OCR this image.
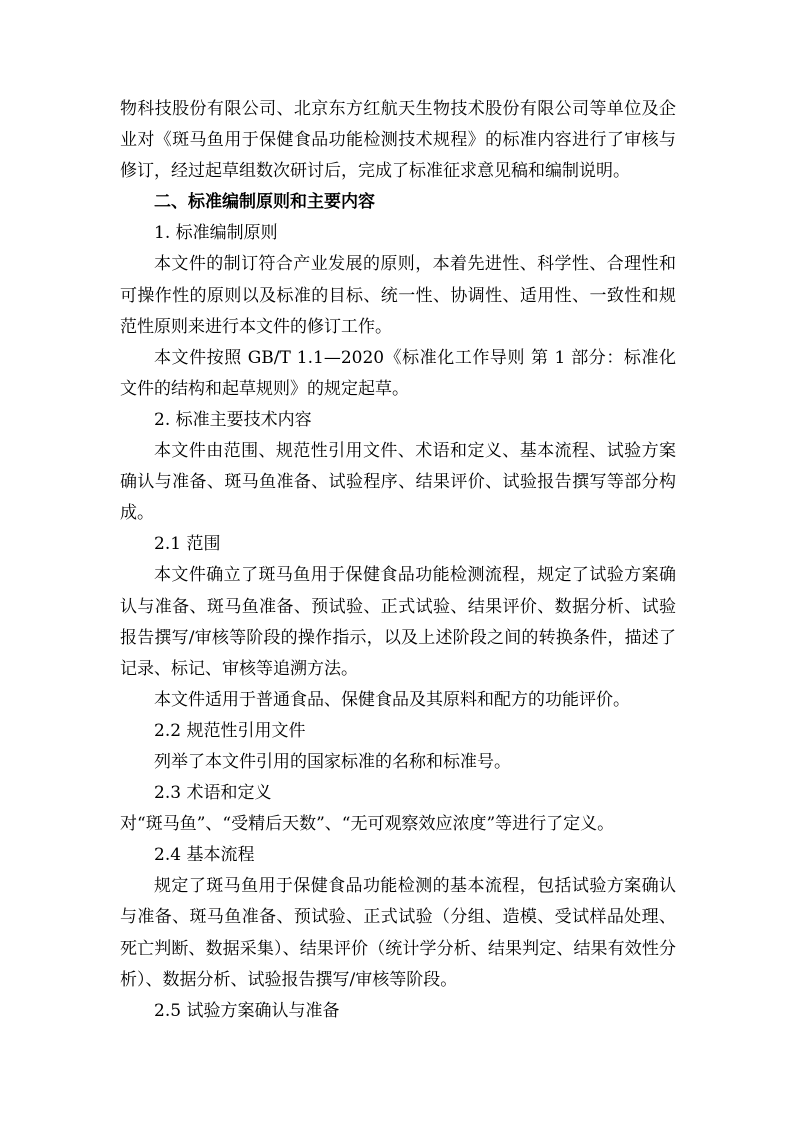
物科技股份有限公司、北京东方红航天生物技术股份有限公司等单位及企业对《斑马鱼用于保健食品功能检测技术规程》的标准内容进行了审核与修订，经过起草组数次研讨后，完成了标准征求意见稿和编制说明。

二、标准编制原则和主要内容

1. 标准编制原则

本文件的制订符合产业发展的原则，本着先进性、科学性、合理性和可操作性的原则以及标准的目标、统一性、协调性、适用性、一致性和规范性原则来进行本文件的修订工作。

本文件按照 GB/T 1.1—2020《标准化工作导则 第 1 部分：标准化文件的结构和起草规则》的规定起草。

2. 标准主要技术内容

本文件由范围、规范性引用文件、术语和定义、基本流程、试验方案确认与准备、斑马鱼准备、试验程序、结果评价、试验报告撰写等部分构成。

2.1 范围

本文件确立了斑马鱼用于保健食品功能检测流程，规定了试验方案确认与准备、斑马鱼准备、预试验、正式试验、结果评价、数据分析、试验报告撰写/审核等阶段的操作指示，以及上述阶段之间的转换条件，描述了记录、标记、审核等追溯方法。

本文件适用于普通食品、保健食品及其原料和配方的功能评价。

2.2 规范性引用文件

列举了本文件引用的国家标准的名称和标准号。

2.3 术语和定义

对“斑马鱼”、“受精后天数”、“无可观察效应浓度”等进行了定义。

2.4 基本流程

规定了斑马鱼用于保健食品功能检测的基本流程，包括试验方案确认与准备、斑马鱼准备、预试验、正式试验（分组、造模、受试样品处理、死亡判断、数据采集）、结果评价（统计学分析、结果判定、结果有效性分析）、数据分析、试验报告撰写/审核等阶段。

2.5 试验方案确认与准备
